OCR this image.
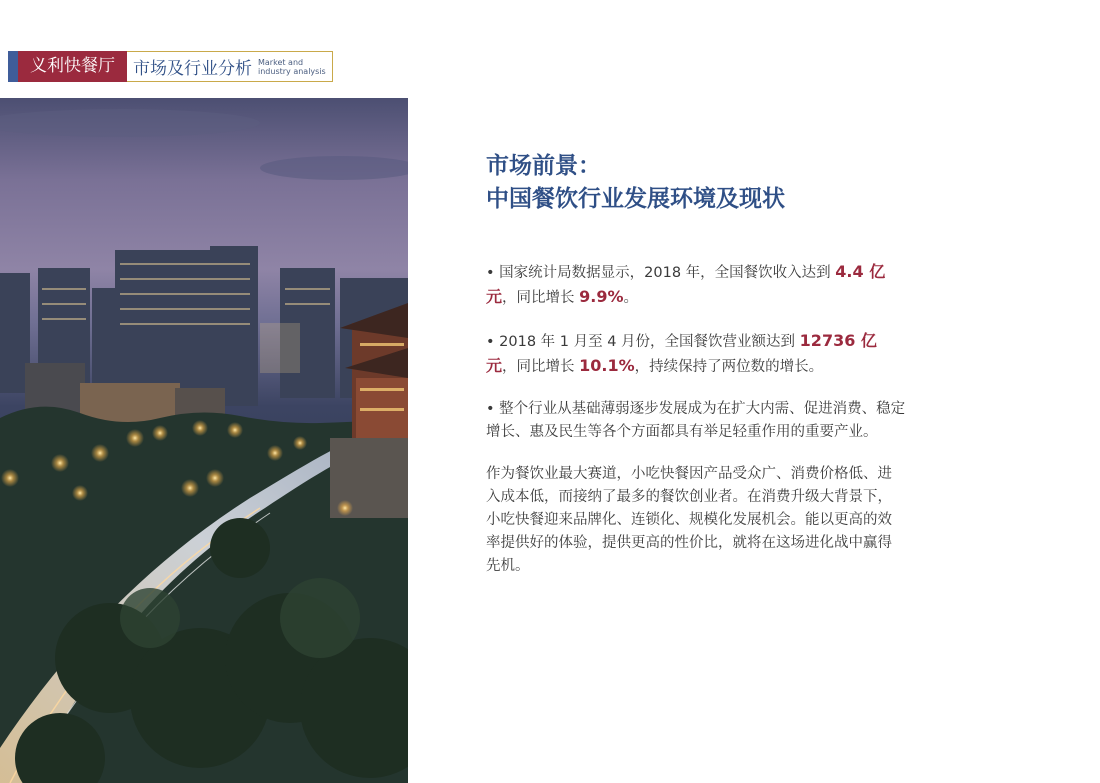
义利快餐厅	市场及行业分析 Market and industry analysis
市场前景：
中国餐饮行业发展环境及现状

• 国家统计局数据显示，2018 年，全国餐饮收入达到 4.4 亿元，同比增长 9.9%。

• 2018 年 1 月至 4 月份，全国餐饮营业额达到 12736 亿元，同比增长 10.1%，持续保持了两位数的增长。

• 整个行业从基础薄弱逐步发展成为在扩大内需、促进消费、稳定增长、惠及民生等各个方面都具有举足轻重作用的重要产业。

作为餐饮业最大赛道，小吃快餐因产品受众广、消费价格低、进入成本低，而接纳了最多的餐饮创业者。在消费升级大背景下，小吃快餐迎来品牌化、连锁化、规模化发展机会。能以更高的效率提供好的体验，提供更高的性价比，就将在这场进化战中赢得先机。
